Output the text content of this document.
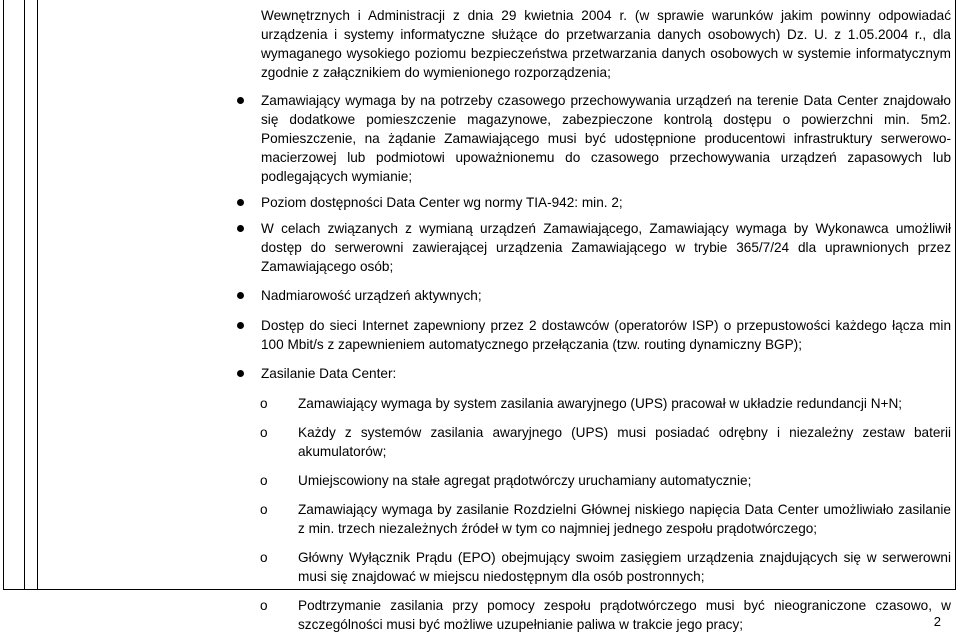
Wewnętrznych i Administracji z dnia 29 kwietnia 2004 r. (w sprawie warunków jakim powinny odpowiadać urządzenia i systemy informatyczne służące do przetwarzania danych osobowych) Dz. U. z 1.05.2004 r., dla wymaganego wysokiego poziomu bezpieczeństwa przetwarzania danych osobowych w systemie informatycznym zgodnie z załącznikiem do wymienionego rozporządzenia;

Zamawiający wymaga by na potrzeby czasowego przechowywania urządzeń na terenie Data Center znajdowało się dodatkowe pomieszczenie magazynowe, zabezpieczone kontrolą dostępu o powierzchni min. 5m2. Pomieszczenie, na żądanie Zamawiającego musi być udostępnione producentowi infrastruktury serwerowo-macierzowej lub podmiotowi upoważnionemu do czasowego przechowywania urządzeń zapasowych lub podlegających wymianie;

Poziom dostępności Data Center wg normy TIA-942: min. 2;

W celach związanych z wymianą urządzeń Zamawiającego, Zamawiający wymaga by Wykonawca umożliwił dostęp do serwerowni zawierającej urządzenia Zamawiającego w trybie 365/7/24 dla uprawnionych przez Zamawiającego osób;

Nadmiarowość urządzeń aktywnych;

Dostęp do sieci Internet zapewniony przez 2 dostawców (operatorów ISP) o przepustowości każdego łącza min 100 Mbit/s z zapewnieniem automatycznego przełączania (tzw. routing dynamiczny BGP);

Zasilanie Data Center:

o Zamawiający wymaga by system zasilania awaryjnego (UPS) pracował w układzie redundancji N+N;

o Każdy z systemów zasilania awaryjnego (UPS) musi posiadać odrębny i niezależny zestaw baterii akumulatorów;

o Umiejscowiony na stałe agregat prądotwórczy uruchamiany automatycznie;

o Zamawiający wymaga by zasilanie Rozdzielni Głównej niskiego napięcia Data Center umożliwiało zasilanie z min. trzech niezależnych źródeł w tym co najmniej jednego zespołu prądotwórczego;

o Główny Wyłącznik Prądu (EPO) obejmujący swoim zasięgiem urządzenia znajdujących się w serwerowni musi się znajdować w miejscu niedostępnym dla osób postronnych;

o Podtrzymanie zasilania przy pomocy zespołu prądotwórczego musi być nieograniczone czasowo, w szczególności musi być możliwe uzupełnianie paliwa w trakcie jego pracy;	2
